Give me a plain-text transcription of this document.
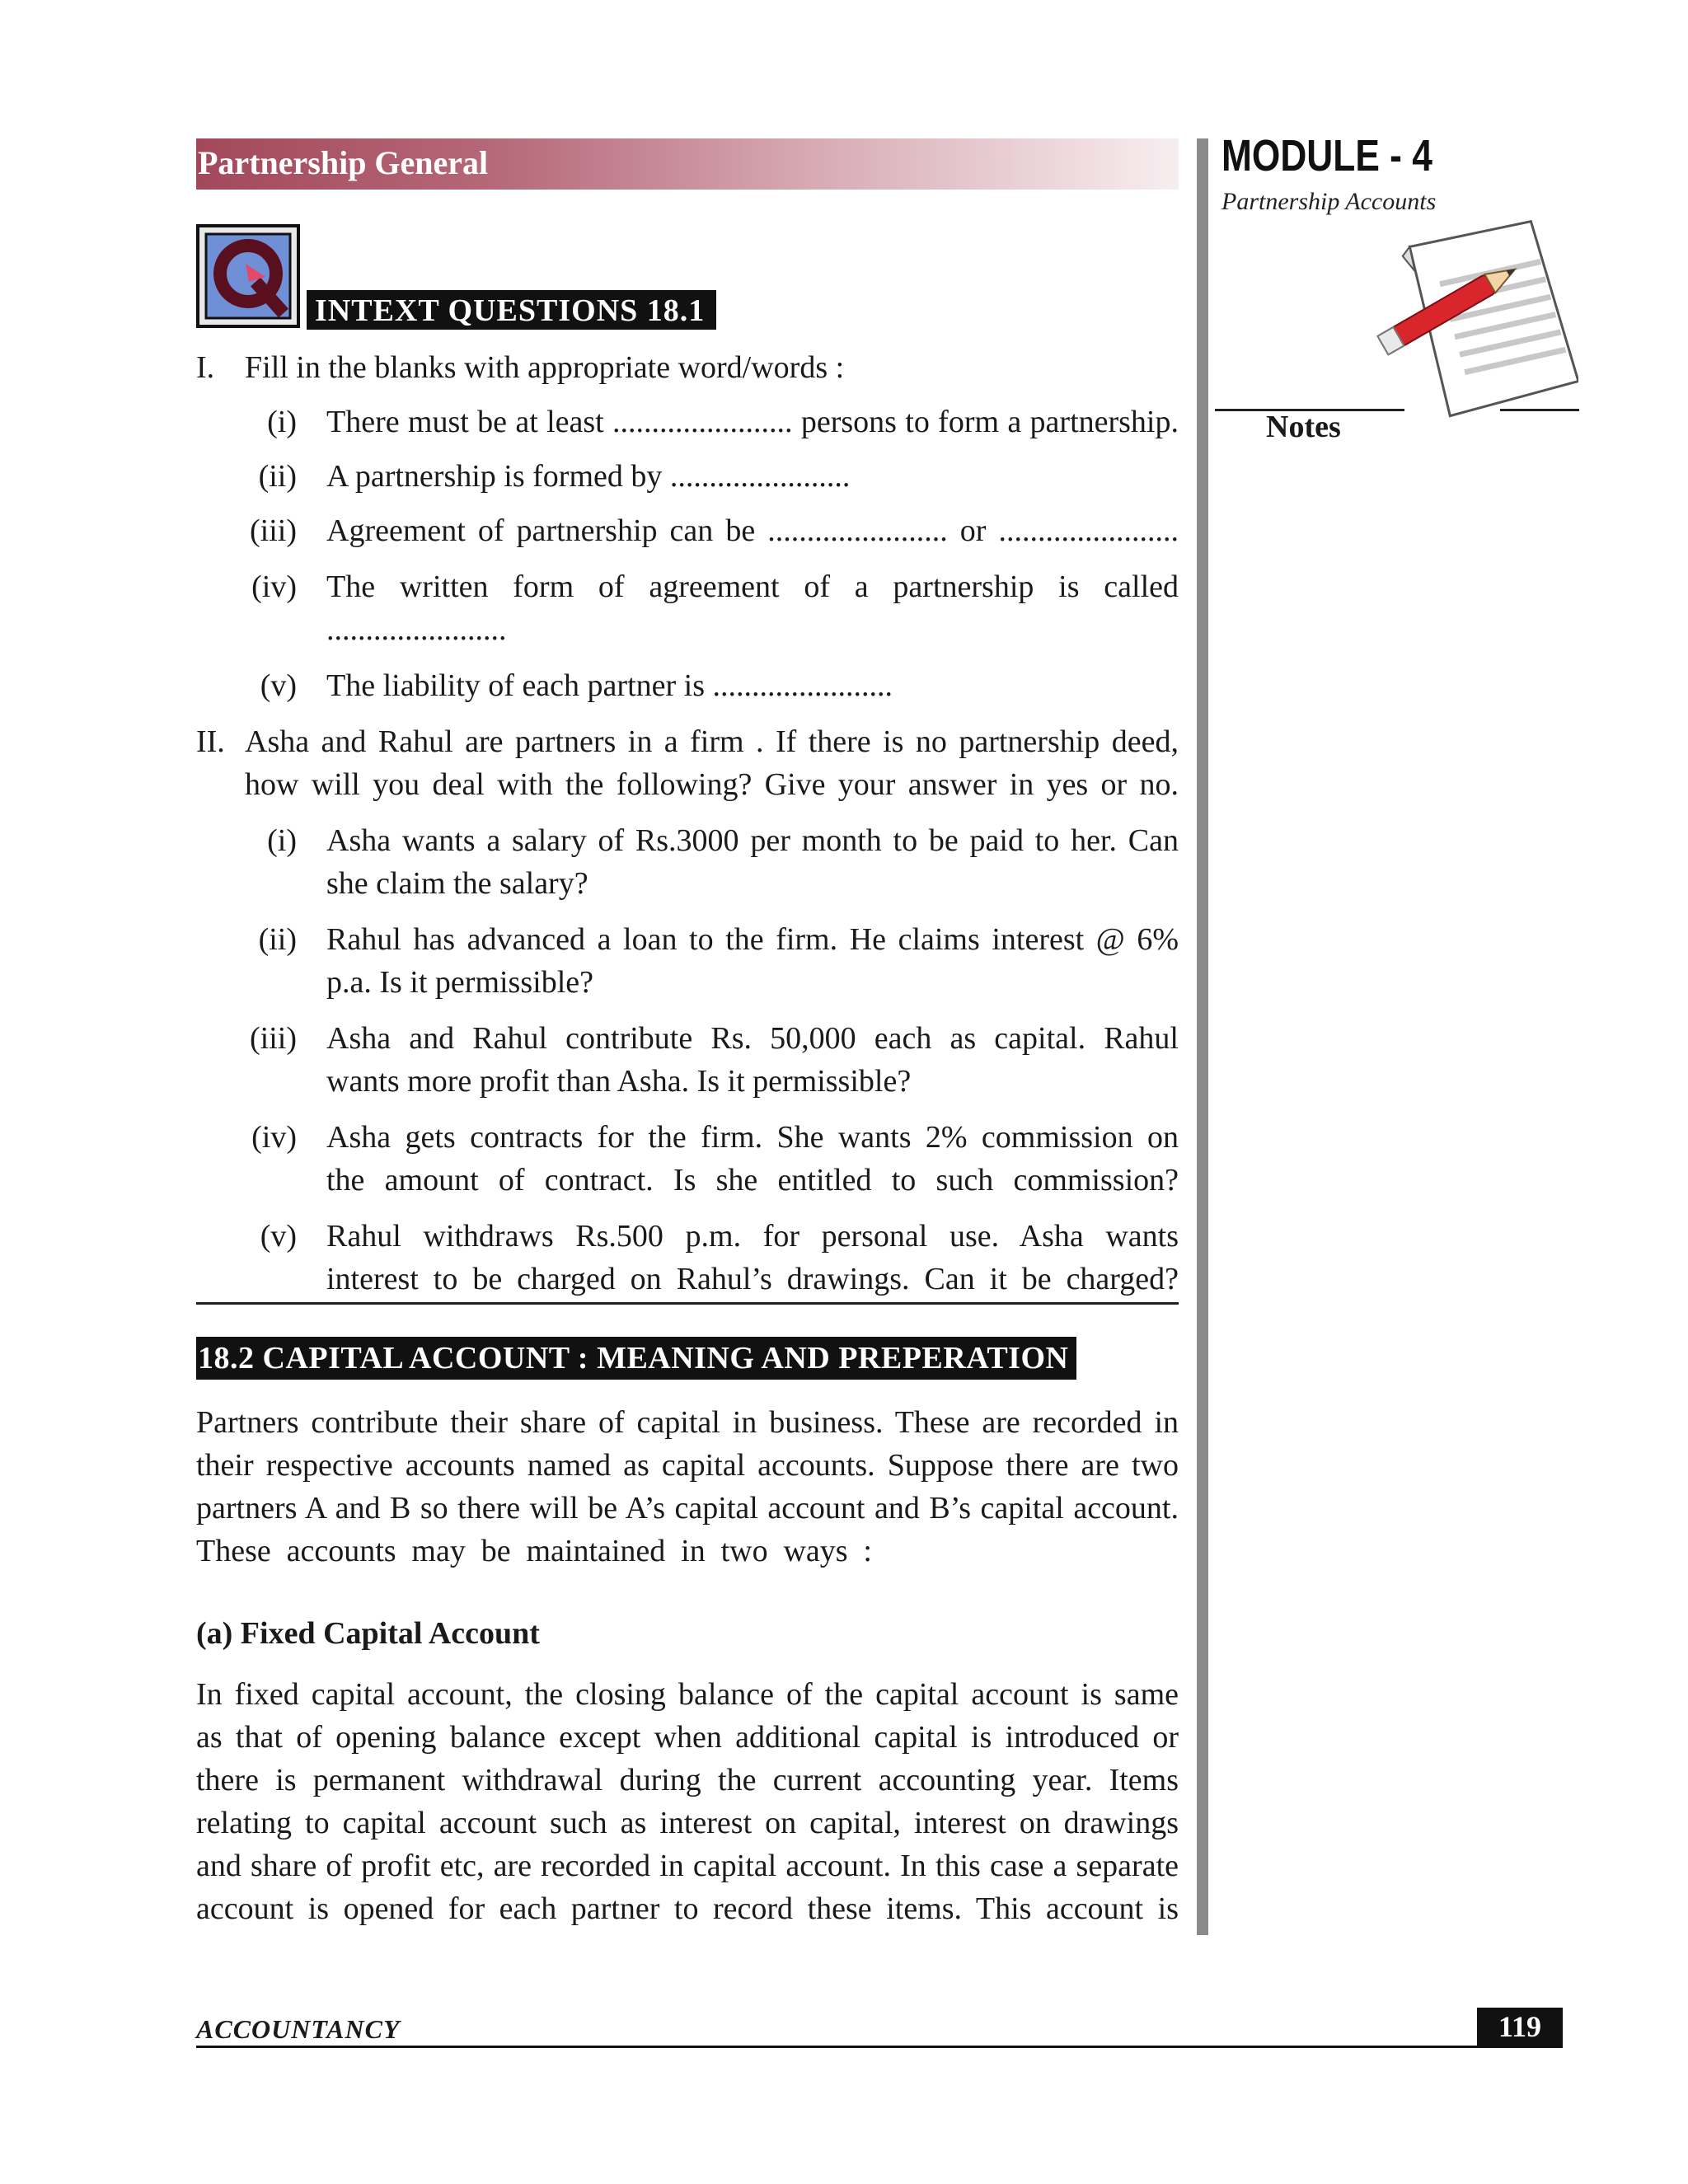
Partnership General	MODULE - 4
Partnership Accounts
Notes
INTEXT QUESTIONS 18.1
I. Fill in the blanks with appropriate word/words :
(i) There must be at least ....................... persons to form a partnership.
(ii) A partnership is formed by .......................
(iii) Agreement of partnership can be ....................... or .......................
(iv) The written form of agreement of a partnership is called
.......................
(v) The liability of each partner is .......................
II. Asha and Rahul are partners in a firm . If there is no partnership deed,
how will you deal with the following? Give your answer in yes or no.
(i) Asha wants a salary of Rs.3000 per month to be paid to her. Can
she claim the salary?
(ii) Rahul has advanced a loan to the firm. He claims interest @ 6%
p.a. Is it permissible?
(iii) Asha and Rahul contribute Rs. 50,000 each as capital. Rahul
wants more profit than Asha. Is it permissible?
(iv) Asha gets contracts for the firm. She wants 2% commission on
the amount of contract. Is she entitled to such commission?
(v) Rahul withdraws Rs.500 p.m. for personal use. Asha wants
interest to be charged on Rahul’s drawings. Can it be charged?
18.2 CAPITAL ACCOUNT : MEANING AND PREPERATION
Partners contribute their share of capital in business. These are recorded in
their respective accounts named as capital accounts. Suppose there are two
partners A and B so there will be A’s capital account and B’s capital account.
These accounts may be maintained in two ways :
(a) Fixed Capital Account
In fixed capital account, the closing balance of the capital account is same
as that of opening balance except when additional capital is introduced or
there is permanent withdrawal during the current accounting year. Items
relating to capital account such as interest on capital, interest on drawings
and share of profit etc, are recorded in capital account. In this case a separate
account is opened for each partner to record these items. This account is
ACCOUNTANCY	119
